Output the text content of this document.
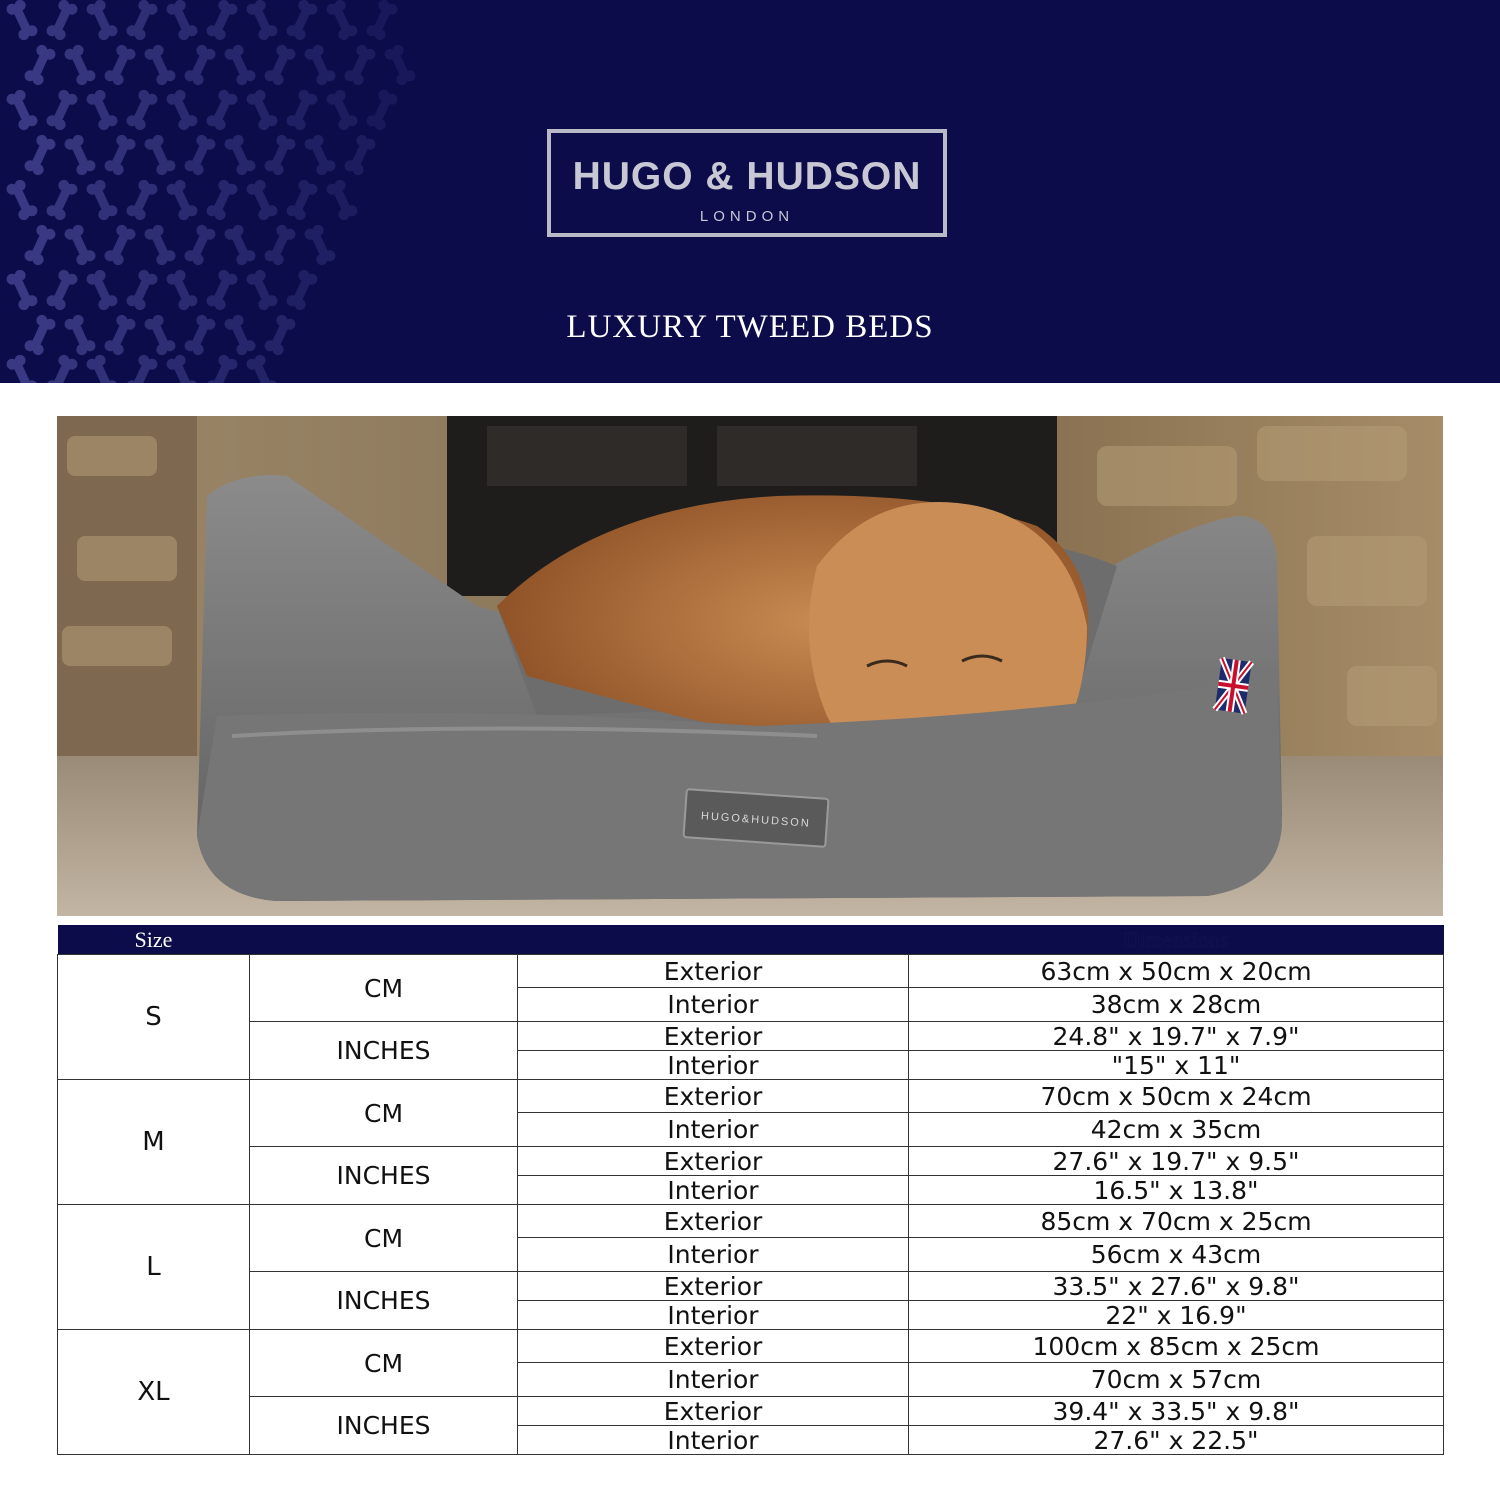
HUGO & HUDSON
LONDON
LUXURY TWEED BEDS
HUGO&HUDSON
Size			Dimensions
S	CM	Exterior	63cm x 50cm x 20cm
		Interior	38cm x 28cm
	INCHES	Exterior	24.8" x 19.7" x 7.9"
		Interior	"15" x 11"
M	CM	Exterior	70cm x 50cm x 24cm
		Interior	42cm x 35cm
	INCHES	Exterior	27.6" x 19.7" x 9.5"
		Interior	16.5" x 13.8"
L	CM	Exterior	85cm x 70cm x 25cm
		Interior	56cm x 43cm
	INCHES	Exterior	33.5" x 27.6" x 9.8"
		Interior	22" x 16.9"
XL	CM	Exterior	100cm x 85cm x 25cm
		Interior	70cm x 57cm
	INCHES	Exterior	39.4" x 33.5" x 9.8"
		Interior	27.6" x 22.5"
